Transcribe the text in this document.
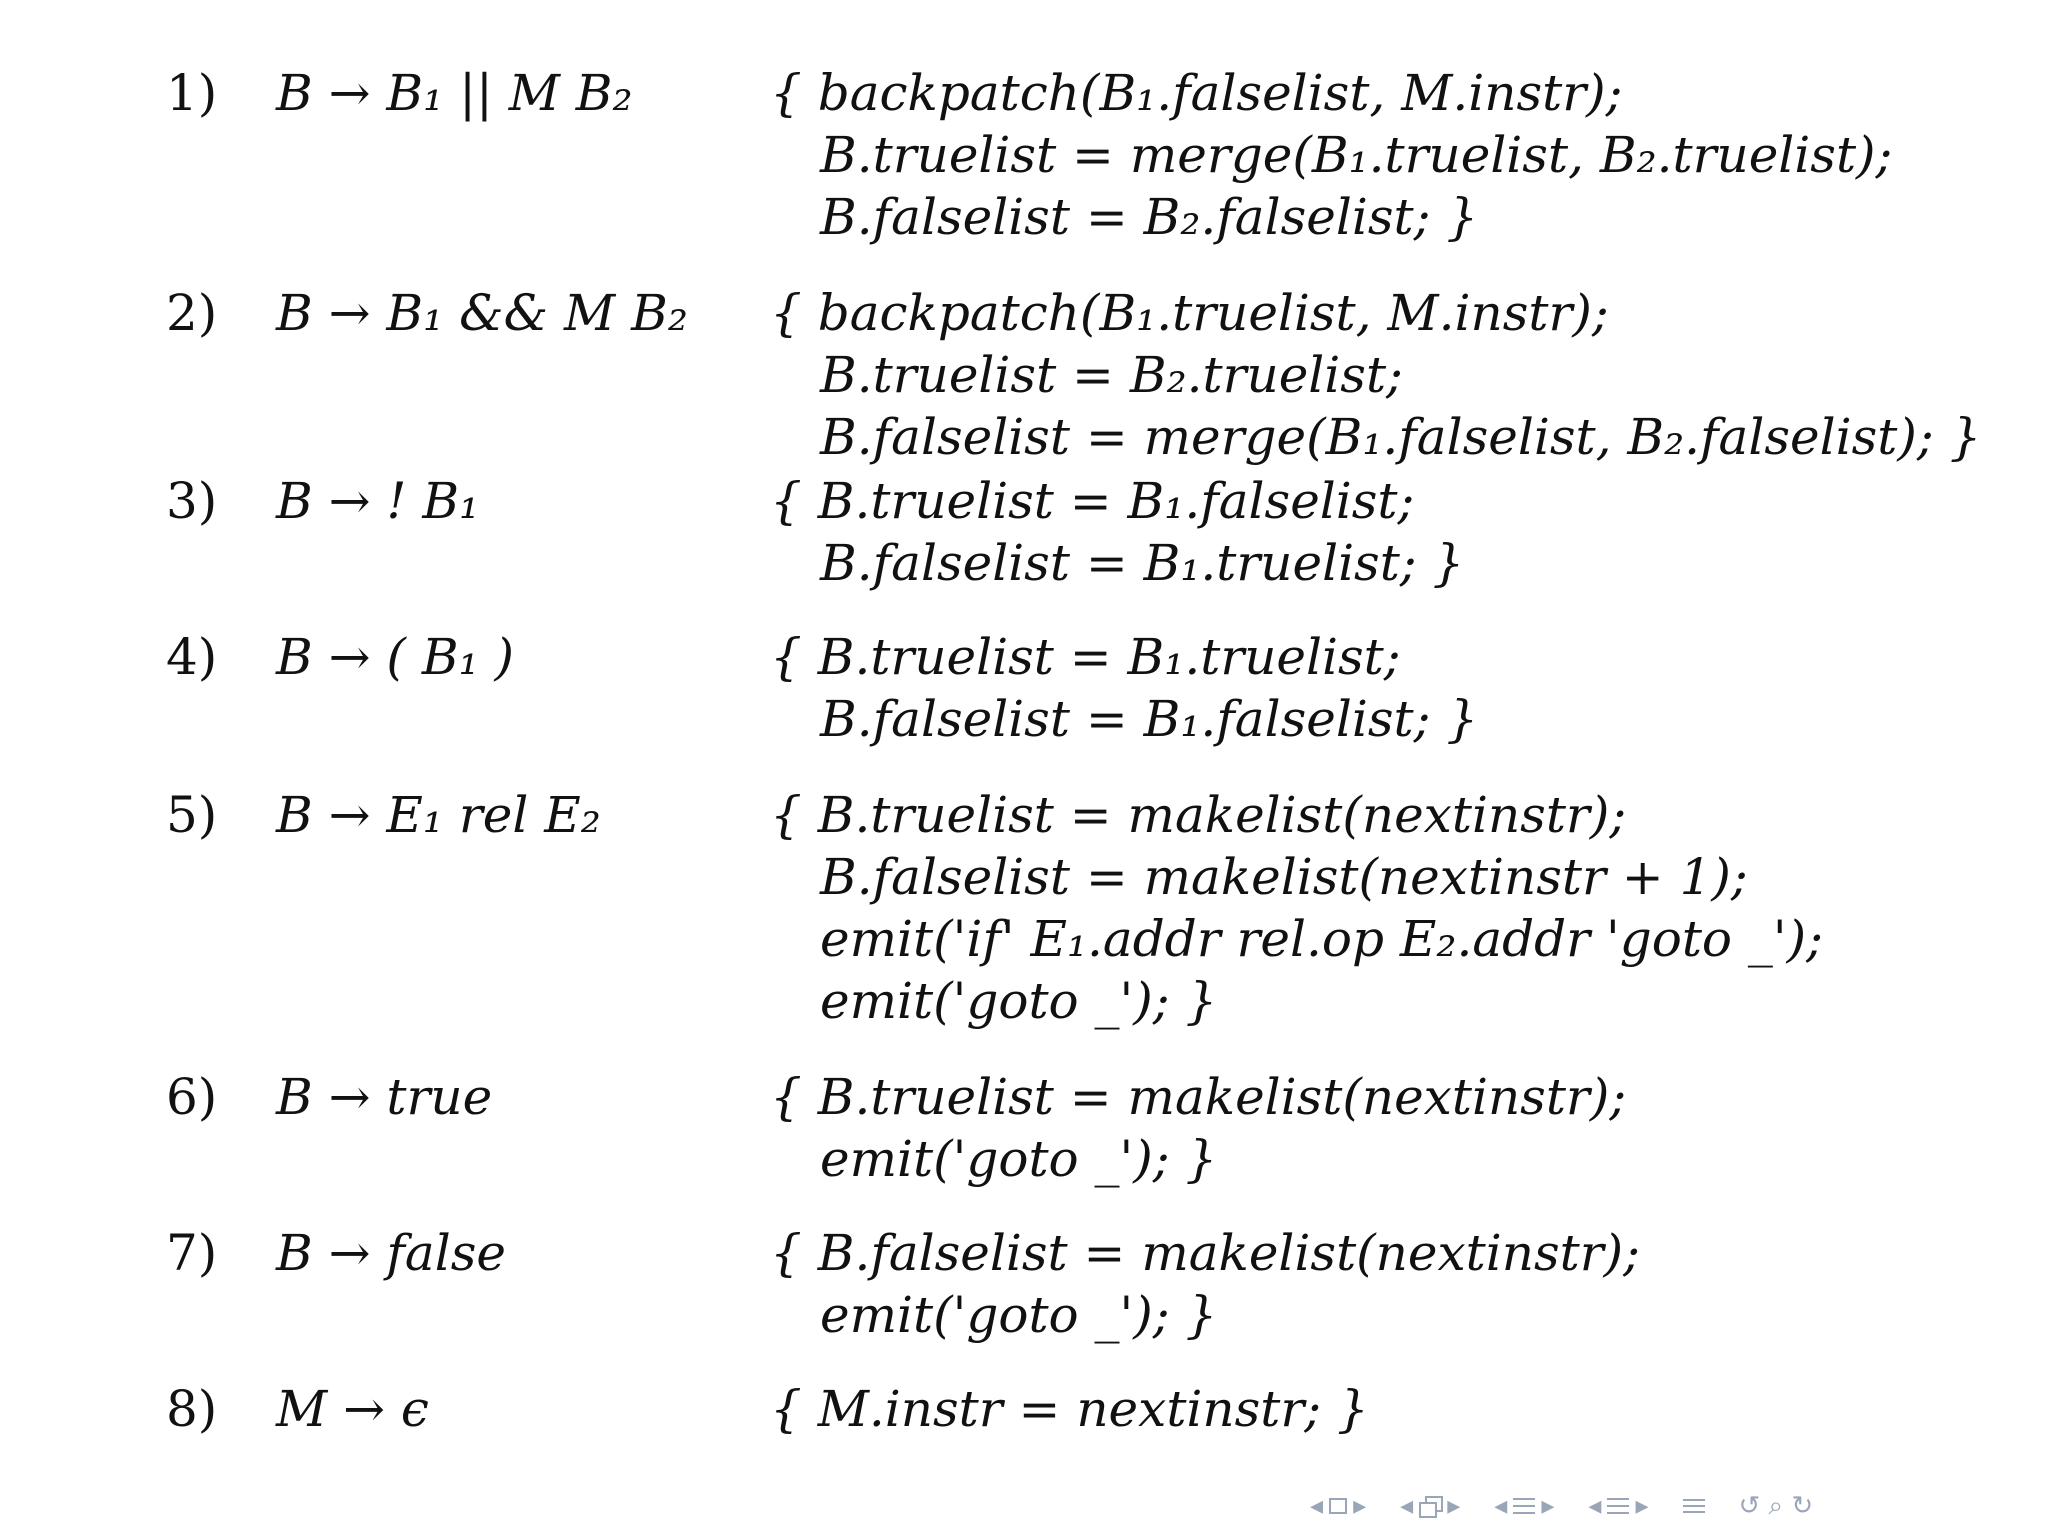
1) B → B₁ || M B₂	{ backpatch(B₁.falselist, M.instr);
B.truelist = merge(B₁.truelist, B₂.truelist);
B.falselist = B₂.falselist; }
2) B → B₁ && M B₂ { backpatch(B₁.truelist, M.instr);
B.truelist = B₂.truelist;
B.falselist = merge(B₁.falselist, B₂.falselist); }
3) B → ! B₁	{ B.truelist = B₁.falselist;
B.falselist = B₁.truelist; }
4) B → ( B₁ )	{ B.truelist = B₁.truelist;
B.falselist = B₁.falselist; }
5) B → E₁ rel E₂	{ B.truelist = makelist(nextinstr);
B.falselist = makelist(nextinstr + 1);
emit('if' E₁.addr rel.op E₂.addr 'goto _');
emit('goto _'); }
6) B → true	{ B.truelist = makelist(nextinstr);
emit('goto _'); }
7) B → false	{ B.falselist = makelist(nextinstr);
emit('goto _'); }
8) M → ϵ	{ M.instr = nextinstr; }
◂ ▸ ◂ ▸ ◂ ▸ ◂ ▸	↺ ⌕ ↻
